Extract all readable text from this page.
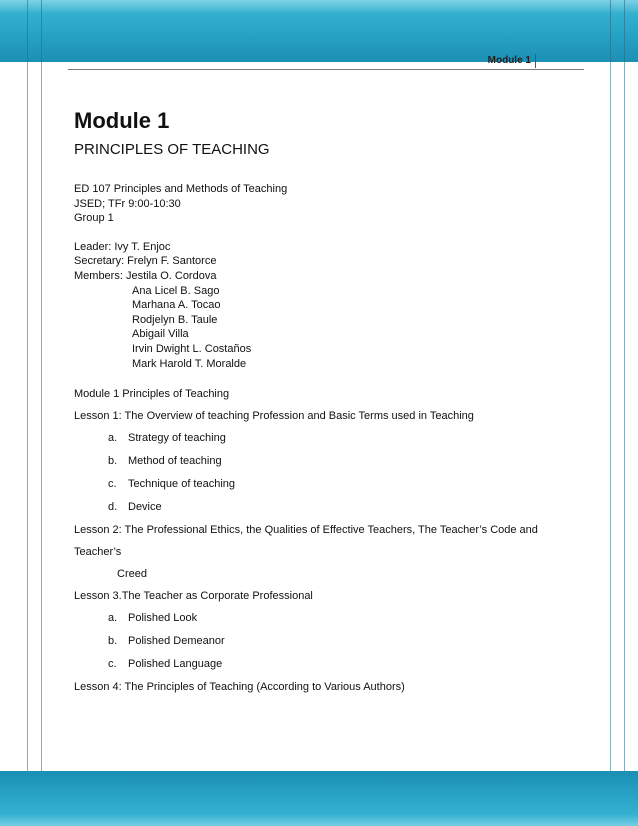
Module 1
Module 1

PRINCIPLES OF TEACHING

ED 107 Principles and Methods of Teaching

JSED; TFr 9:00-10:30

Group 1

Leader: Ivy T. Enjoc

Secretary: Frelyn F. Santorce

Members: Jestila O. Cordova

Ana Licel B. Sago

Marhana A. Tocao

Rodjelyn B. Taule

Abigail Villa

Irvin Dwight L. Costaños

Mark Harold T. Moralde

Module 1 Principles of Teaching

Lesson 1: The Overview of teaching Profession and Basic Terms used in Teaching

a. Strategy of teaching
b. Method of teaching
c.	Technique of teaching
d. Device

Lesson 2: The Professional Ethics, the Qualities of Effective Teachers, The Teacher’s Code and

Teacher’s

Creed

Lesson 3.The Teacher as Corporate Professional

a. Polished Look
b. Polished Demeanor
c.	Polished Language

Lesson 4: The Principles of Teaching (According to Various Authors)
